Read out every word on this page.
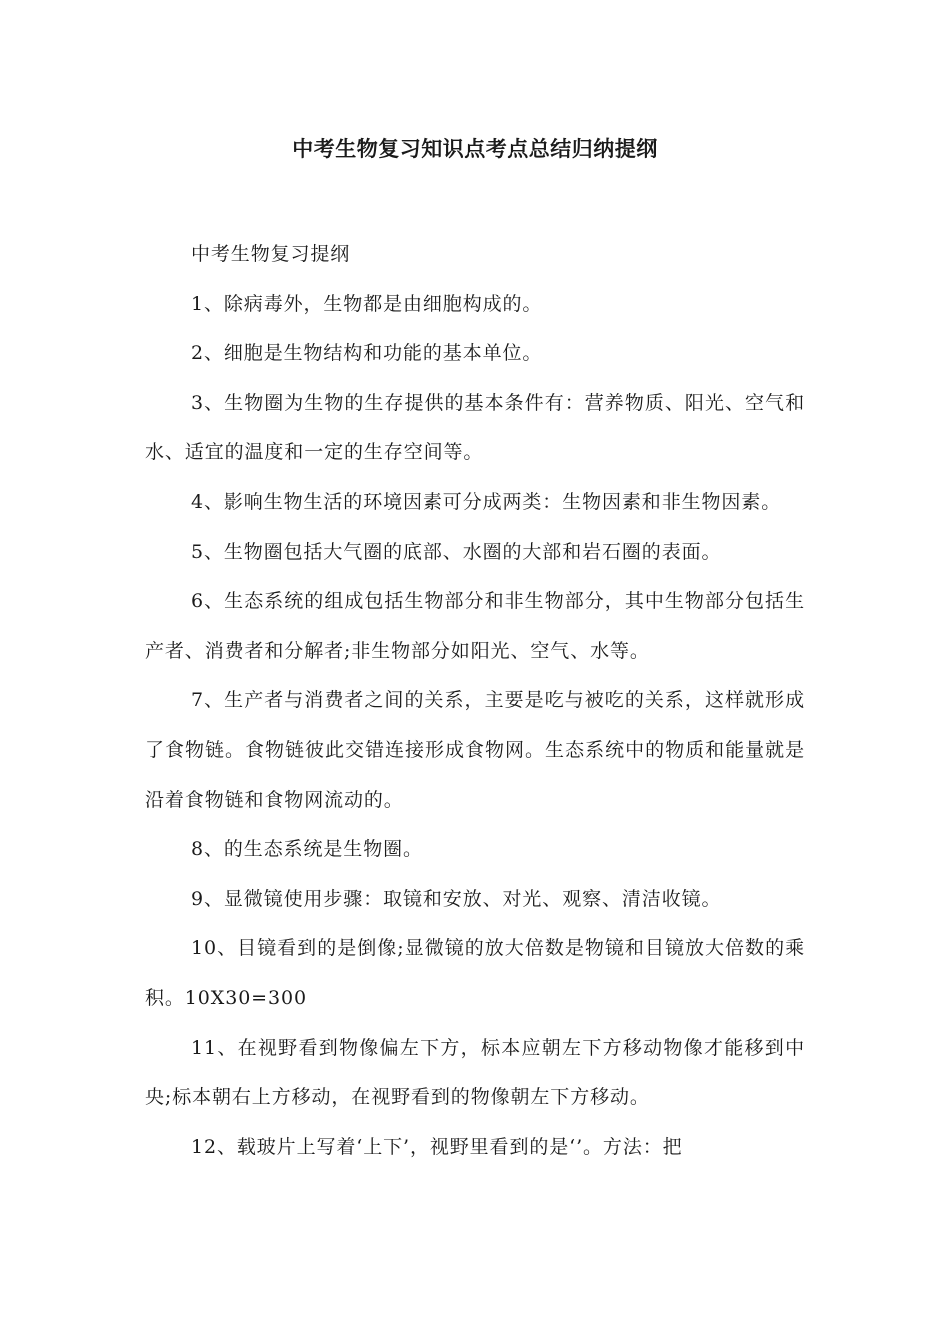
中考生物复习知识点考点总结归纳提纲

中考生物复习提纲

1、除病毒外，生物都是由细胞构成的。

2、细胞是生物结构和功能的基本单位。

3、生物圈为生物的生存提供的基本条件有：营养物质、阳光、空气和水、适宜的温度和一定的生存空间等。

4、影响生物生活的环境因素可分成两类：生物因素和非生物因素。

5、生物圈包括大气圈的底部、水圈的大部和岩石圈的表面。

6、生态系统的组成包括生物部分和非生物部分，其中生物部分包括生产者、消费者和分解者;非生物部分如阳光、空气、水等。

7、生产者与消费者之间的关系，主要是吃与被吃的关系，这样就形成了食物链。食物链彼此交错连接形成食物网。生态系统中的物质和能量就是沿着食物链和食物网流动的。

8、的生态系统是生物圈。

9、显微镜使用步骤：取镜和安放、对光、观察、清洁收镜。

10、目镜看到的是倒像;显微镜的放大倍数是物镜和目镜放大倍数的乘积。10X30=300

11、在视野看到物像偏左下方，标本应朝左下方移动物像才能移到中央;标本朝右上方移动，在视野看到的物像朝左下方移动。

12、载玻片上写着‘上下’，视野里看到的是‘’。方法：把
